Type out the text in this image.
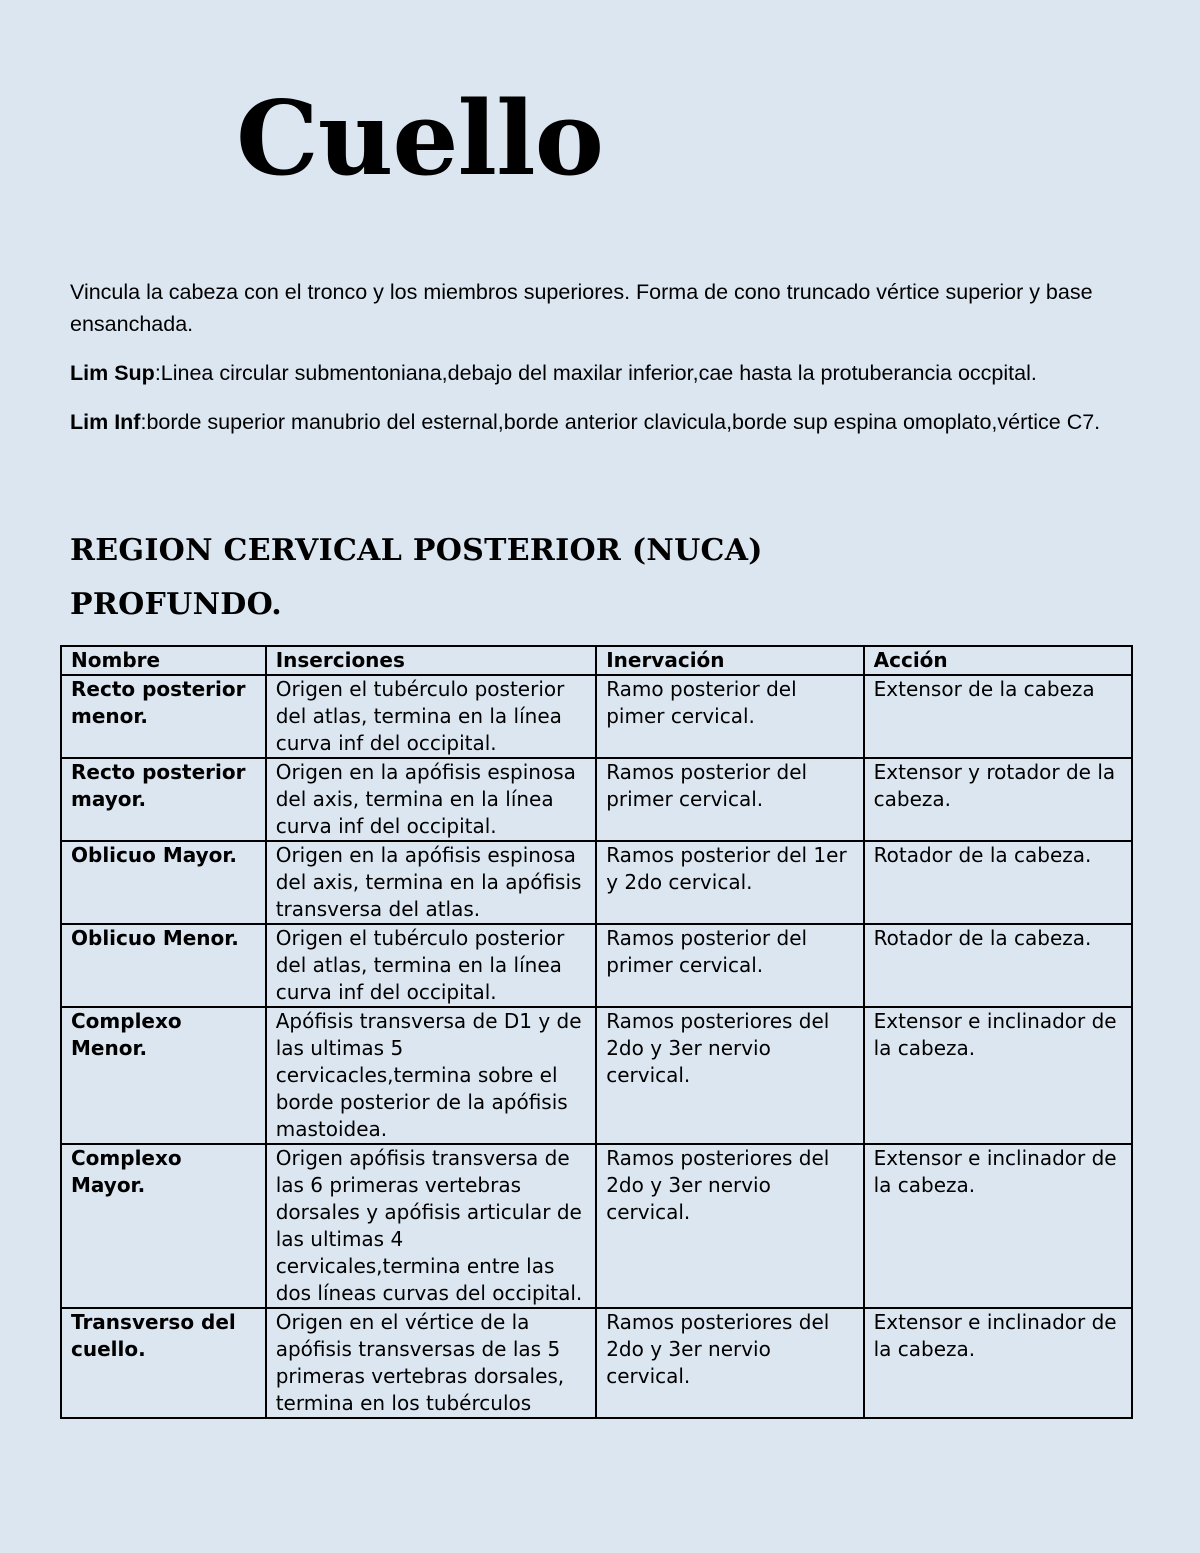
Cuello

Vincula la cabeza con el tronco y los miembros superiores. Forma de cono truncado vértice superior y base ensanchada.

Lim Sup:Linea circular submentoniana,debajo del maxilar inferior,cae hasta la protuberancia occpital.

Lim Inf:borde superior manubrio del esternal,borde anterior clavicula,borde sup espina omoplato,vértice C7.

REGION CERVICAL POSTERIOR (NUCA)
PROFUNDO.
Nombre	Inserciones	Inervación	Acción
Recto posterior menor.	Origen el tubérculo posterior del atlas, termina en la línea curva inf del occipital.	Ramo posterior del pimer cervical.	Extensor de la cabeza
Recto posterior mayor.	Origen en la apófisis espinosa del axis, termina en la línea curva inf del occipital.	Ramos posterior del primer cervical.	Extensor y rotador de la cabeza.
Oblicuo Mayor.	Origen en la apófisis espinosa del axis, termina en la apófisis transversa del atlas.	Ramos posterior del 1er y 2do cervical.	Rotador de la cabeza.
Oblicuo Menor.	Origen el tubérculo posterior del atlas, termina en la línea curva inf del occipital.	Ramos posterior del primer cervical.	Rotador de la cabeza.
Complexo Menor.	Apófisis transversa de D1 y de las ultimas 5 cervicacles,termina sobre el borde posterior de la apófisis mastoidea.	Ramos posteriores del 2do y 3er nervio cervical.	Extensor e inclinador de la cabeza.
Complexo Mayor.	Origen apófisis transversa de las 6 primeras vertebras dorsales y apófisis articular de las ultimas 4 cervicales,termina entre las dos líneas curvas del occipital.	Ramos posteriores del 2do y 3er nervio cervical.	Extensor e inclinador de la cabeza.
Transverso del cuello.	Origen en el vértice de la apófisis transversas de las 5 primeras vertebras dorsales, termina en los tubérculos	Ramos posteriores del 2do y 3er nervio cervical.	Extensor e inclinador de la cabeza.
